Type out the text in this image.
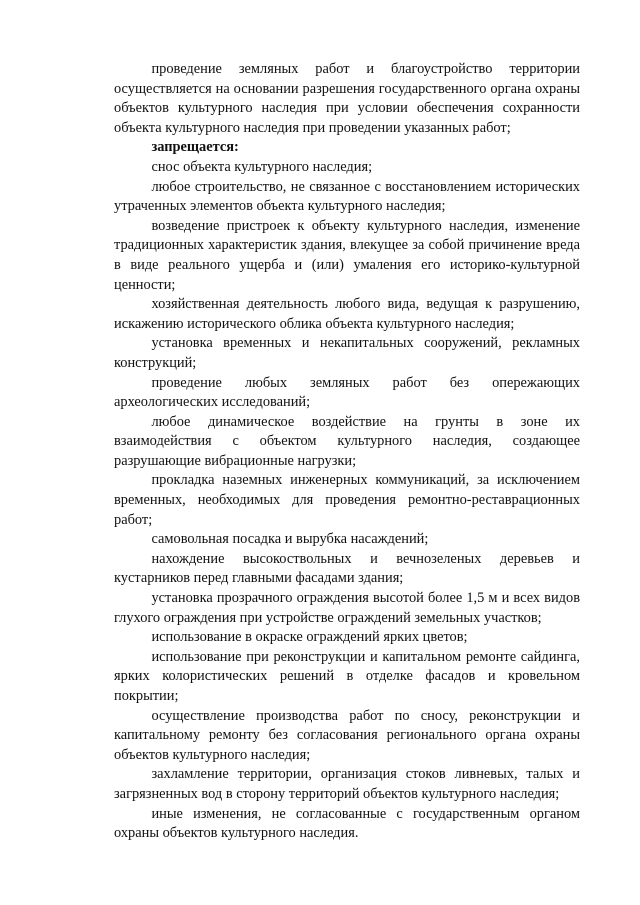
проведение земляных работ и благоустройство территории осуществляется на основании разрешения государственного органа охраны объектов культурного наследия при условии обеспечения сохранности объекта культурного наследия при проведении указанных работ;

запрещается:

снос объекта культурного наследия;

любое строительство, не связанное с восстановлением исторических утраченных элементов объекта культурного наследия;

возведение пристроек к объекту культурного наследия, изменение традиционных характеристик здания, влекущее за собой причинение вреда в виде реального ущерба и (или) умаления его историко-культурной ценности;

хозяйственная деятельность любого вида, ведущая к разрушению, искажению исторического облика объекта культурного наследия;

установка временных и некапитальных сооружений, рекламных конструкций;

проведение любых земляных работ без опережающих археологических исследований;

любое динамическое воздействие на грунты в зоне их взаимодействия с объектом культурного наследия, создающее разрушающие вибрационные нагрузки;

прокладка наземных инженерных коммуникаций, за исключением временных, необходимых для проведения ремонтно-реставрационных работ;

самовольная посадка и вырубка насаждений;

нахождение высокоствольных и вечнозеленых деревьев и кустарников перед главными фасадами здания;

установка прозрачного ограждения высотой более 1,5 м и всех видов глухого ограждения при устройстве ограждений земельных участков;

использование в окраске ограждений ярких цветов;

использование при реконструкции и капитальном ремонте сайдинга, ярких колористических решений в отделке фасадов и кровельном покрытии;

осуществление производства работ по сносу, реконструкции и капитальному ремонту без согласования регионального органа охраны объектов культурного наследия;

захламление территории, организация стоков ливневых, талых и загрязненных вод в сторону территорий объектов культурного наследия;

иные изменения, не согласованные с государственным органом охраны объектов культурного наследия.
